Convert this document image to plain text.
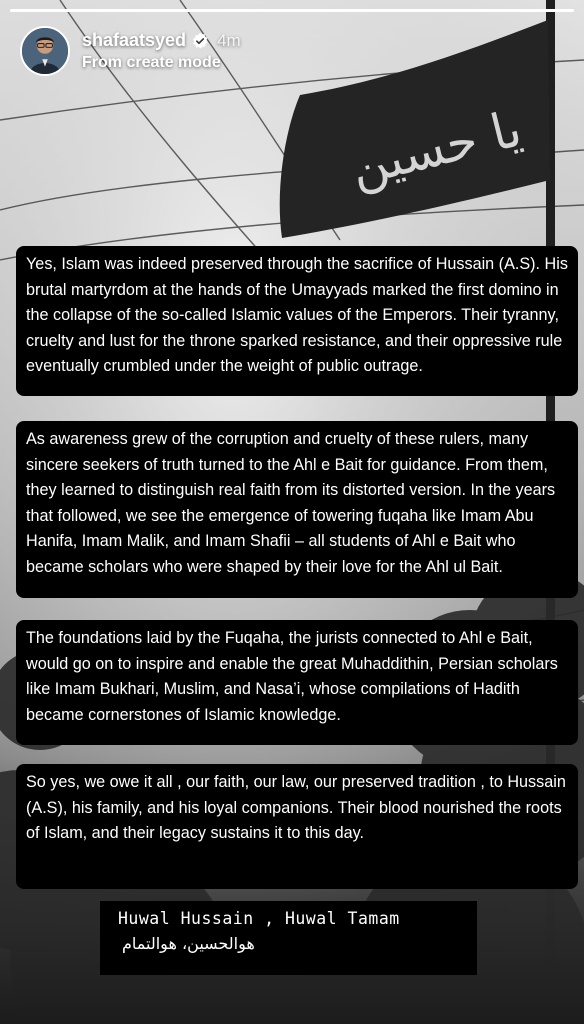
یا حسین
shafaatsyed 4m
From create mode
Yes, Islam was indeed preserved through the sacrifice of Hussain (A.S). His brutal martyrdom at the hands of the Umayyads marked the first domino in the collapse of the so-called Islamic values of the Emperors. Their tyranny, cruelty and lust for the throne sparked resistance, and their oppressive rule eventually crumbled under the weight of public outrage.
As awareness grew of the corruption and cruelty of these rulers, many sincere seekers of truth turned to the Ahl e Bait for guidance. From them, they learned to distinguish real faith from its distorted version. In the years that followed, we see the emergence of towering fuqaha like Imam Abu Hanifa, Imam Malik, and Imam Shafii – all students of Ahl e Bait who became scholars who were shaped by their love for the Ahl ul Bait.
The foundations laid by the Fuqaha, the jurists connected to Ahl e Bait, would go on to inspire and enable the great Muhaddithin, Persian scholars like Imam Bukhari, Muslim, and Nasa’i, whose compilations of Hadith became cornerstones of Islamic knowledge.
So yes, we owe it all , our faith, our law, our preserved tradition , to Hussain (A.S), his family, and his loyal companions. Their blood nourished the roots of Islam, and their legacy sustains it to this day.
Huwal Hussain , Huwal Tamam
ھوالحسین، ھوالتمام
